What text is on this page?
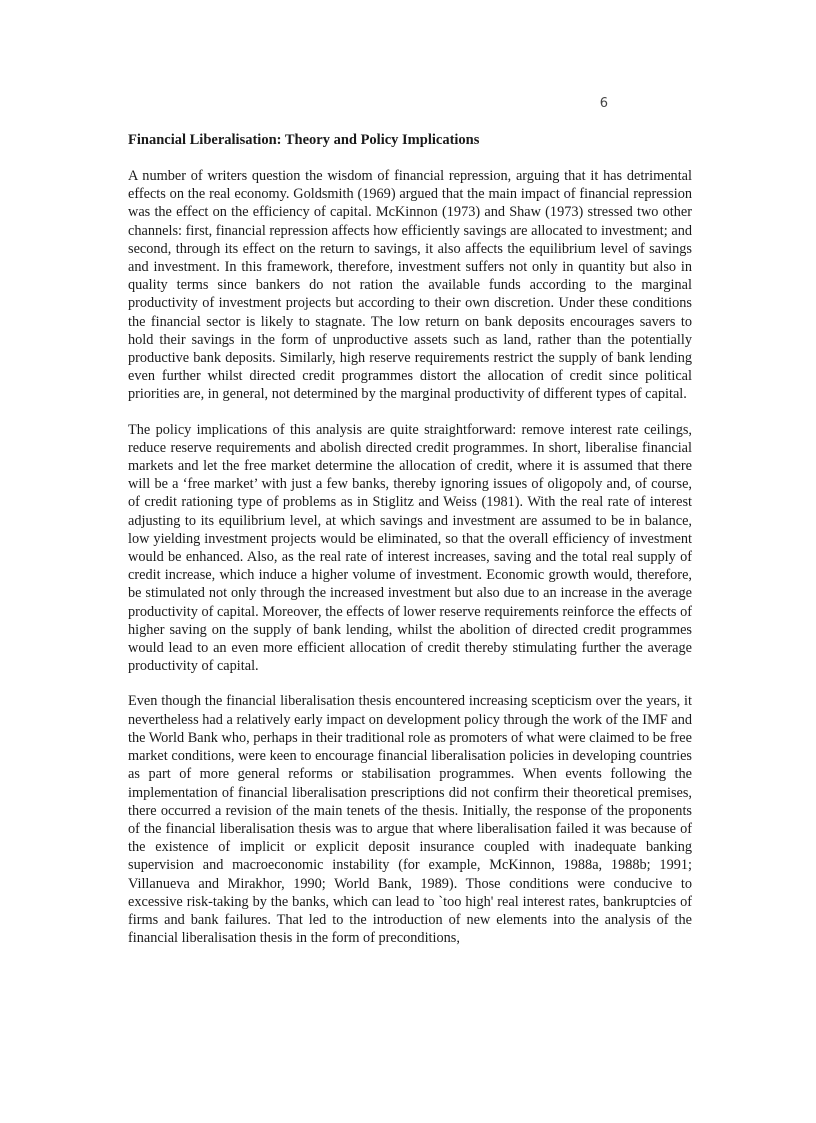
6

Financial Liberalisation: Theory and Policy Implications

A number of writers question the wisdom of financial repression, arguing that it has detrimental effects on the real economy. Goldsmith (1969) argued that the main impact of financial repression was the effect on the efficiency of capital. McKinnon (1973) and Shaw (1973) stressed two other channels: first, financial repression affects how efficiently savings are allocated to investment; and second, through its effect on the return to savings, it also affects the equilibrium level of savings and investment. In this framework, therefore, investment suffers not only in quantity but also in quality terms since bankers do not ration the available funds according to the marginal productivity of investment projects but according to their own discretion. Under these conditions the financial sector is likely to stagnate. The low return on bank deposits encourages savers to hold their savings in the form of unproductive assets such as land, rather than the potentially productive bank deposits. Similarly, high reserve requirements restrict the supply of bank lending even further whilst directed credit programmes distort the allocation of credit since political priorities are, in general, not determined by the marginal productivity of different types of capital.

The policy implications of this analysis are quite straightforward: remove interest rate ceilings, reduce reserve requirements and abolish directed credit programmes. In short, liberalise financial markets and let the free market determine the allocation of credit, where it is assumed that there will be a ‘free market’ with just a few banks, thereby ignoring issues of oligopoly and, of course, of credit rationing type of problems as in Stiglitz and Weiss (1981). With the real rate of interest adjusting to its equilibrium level, at which savings and investment are assumed to be in balance, low yielding investment projects would be eliminated, so that the overall efficiency of investment would be enhanced. Also, as the real rate of interest increases, saving and the total real supply of credit increase, which induce a higher volume of investment. Economic growth would, therefore, be stimulated not only through the increased investment but also due to an increase in the average productivity of capital. Moreover, the effects of lower reserve requirements reinforce the effects of higher saving on the supply of bank lending, whilst the abolition of directed credit programmes would lead to an even more efficient allocation of credit thereby stimulating further the average productivity of capital.

Even though the financial liberalisation thesis encountered increasing scepticism over the years, it nevertheless had a relatively early impact on development policy through the work of the IMF and the World Bank who, perhaps in their traditional role as promoters of what were claimed to be free market conditions, were keen to encourage financial liberalisation policies in developing countries as part of more general reforms or stabilisation programmes. When events following the implementation of financial liberalisation prescriptions did not confirm their theoretical premises, there occurred a revision of the main tenets of the thesis. Initially, the response of the proponents of the financial liberalisation thesis was to argue that where liberalisation failed it was because of the existence of implicit or explicit deposit insurance coupled with inadequate banking supervision and macroeconomic instability (for example, McKinnon, 1988a, 1988b; 1991; Villanueva and Mirakhor, 1990; World Bank, 1989). Those conditions were conducive to excessive risk-taking by the banks, which can lead to `too high' real interest rates, bankruptcies of firms and bank failures. That led to the introduction of new elements into the analysis of the financial liberalisation thesis in the form of preconditions,
